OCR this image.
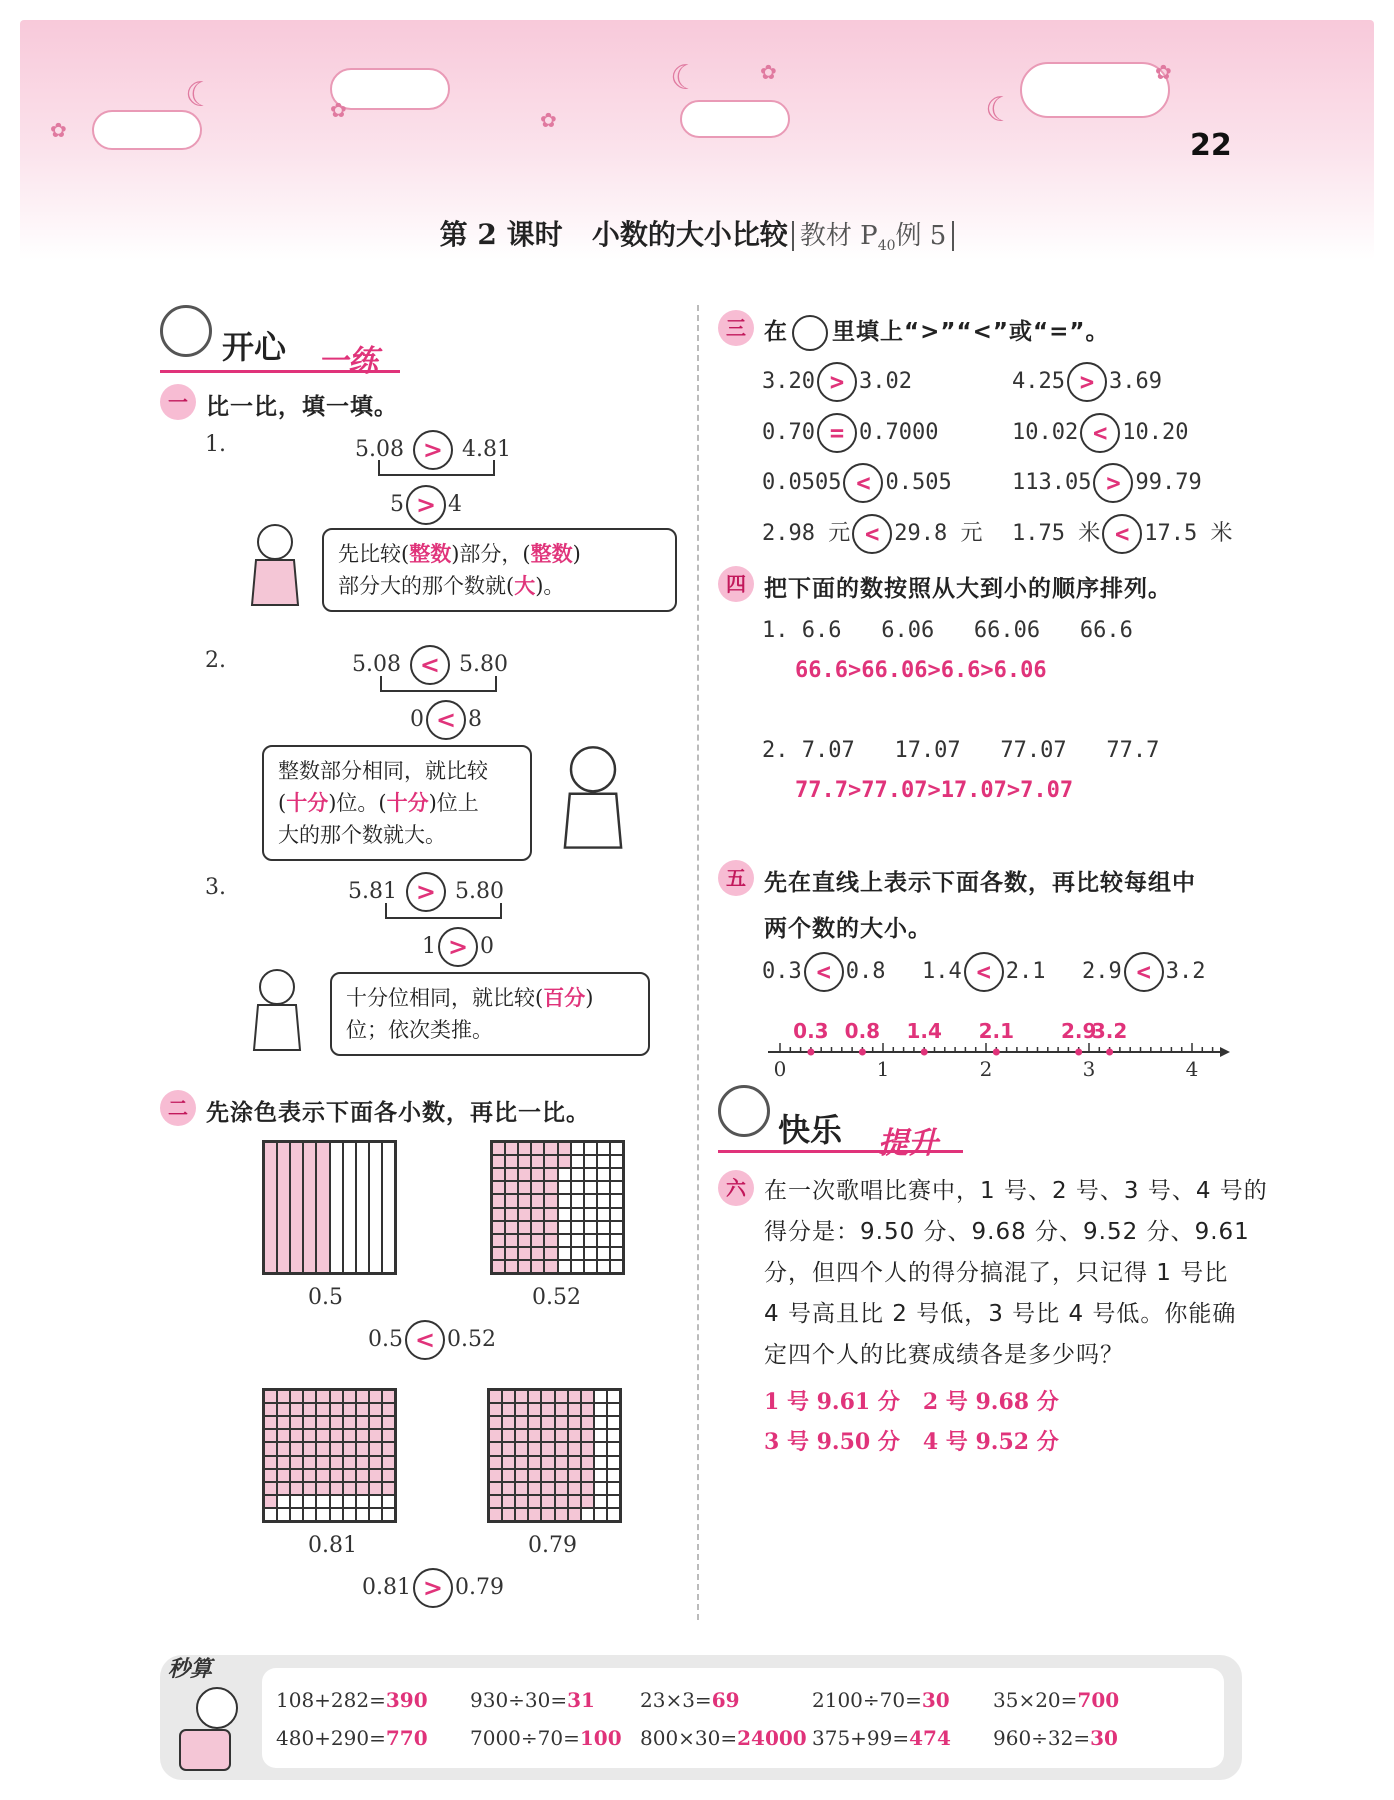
☾	☾
☾
✿
✿	✿
✿	✿
22
第 2 课时 小数的大小比较 教材 $P_{40}$例 5
开心 一练
一 比一比，填一填。
1.	5.08 > 4.81
5 > 4
先比较(整数)部分，(整数)
部分大的那个数就(大)。
2.	5.08 < 5.80
0 < 8
整数部分相同，就比较
(十分)位。(十分)位上
大的那个数就大。
3.	5.81 > 5.80
1 > 0
十分位相同，就比较(百分)
位；依次类推。
二 先涂色表示下面各小数，再比一比。
0.5	0.52
0.5 < 0.52
0.81	0.79
0.81 > 0.79
三 在 里填上“>”“<”或“=”。
3.20 > 3.02	4.25 > 3.69
0.70 = 0.7000	10.02 < 10.20
0.0505 < 0.505	113.05 > 99.79
2.98 元 < 29.8 元 1.75 米 < 17.5 米
四 把下面的数按照从大到小的顺序排列。
1. 6.6   6.06   66.06   66.6
66.6>66.06>6.6>6.06
2. 7.07   17.07   77.07   77.7
77.7>77.07>17.07>7.07
五 先在直线上表示下面各数，再比较每组中
两个数的大小。
0.3 < 0.8 1.4 < 2.1 2.9 < 3.2
0	1	2	3	4
0.3 0.8 1.4 2.1 2.9
3.2
快乐 提升
六 在一次歌唱比赛中，1 号、2 号、3 号、4 号的
得分是：9.50 分、9.68 分、9.52 分、9.61
分，但四个人的得分搞混了，只记得 1 号比
4 号高且比 2 号低，3 号比 4 号低。你能确
定四个人的比赛成绩各是多少吗？
1 号 9.61 分   2 号 9.68 分
3 号 9.50 分   4 号 9.52 分
秒算
108+282=390 930÷30=31 23×3=69	2100÷70=30 35×20=700
480+290=770 7000÷70=100 800×30=24000 375+99=474 960÷32=30
